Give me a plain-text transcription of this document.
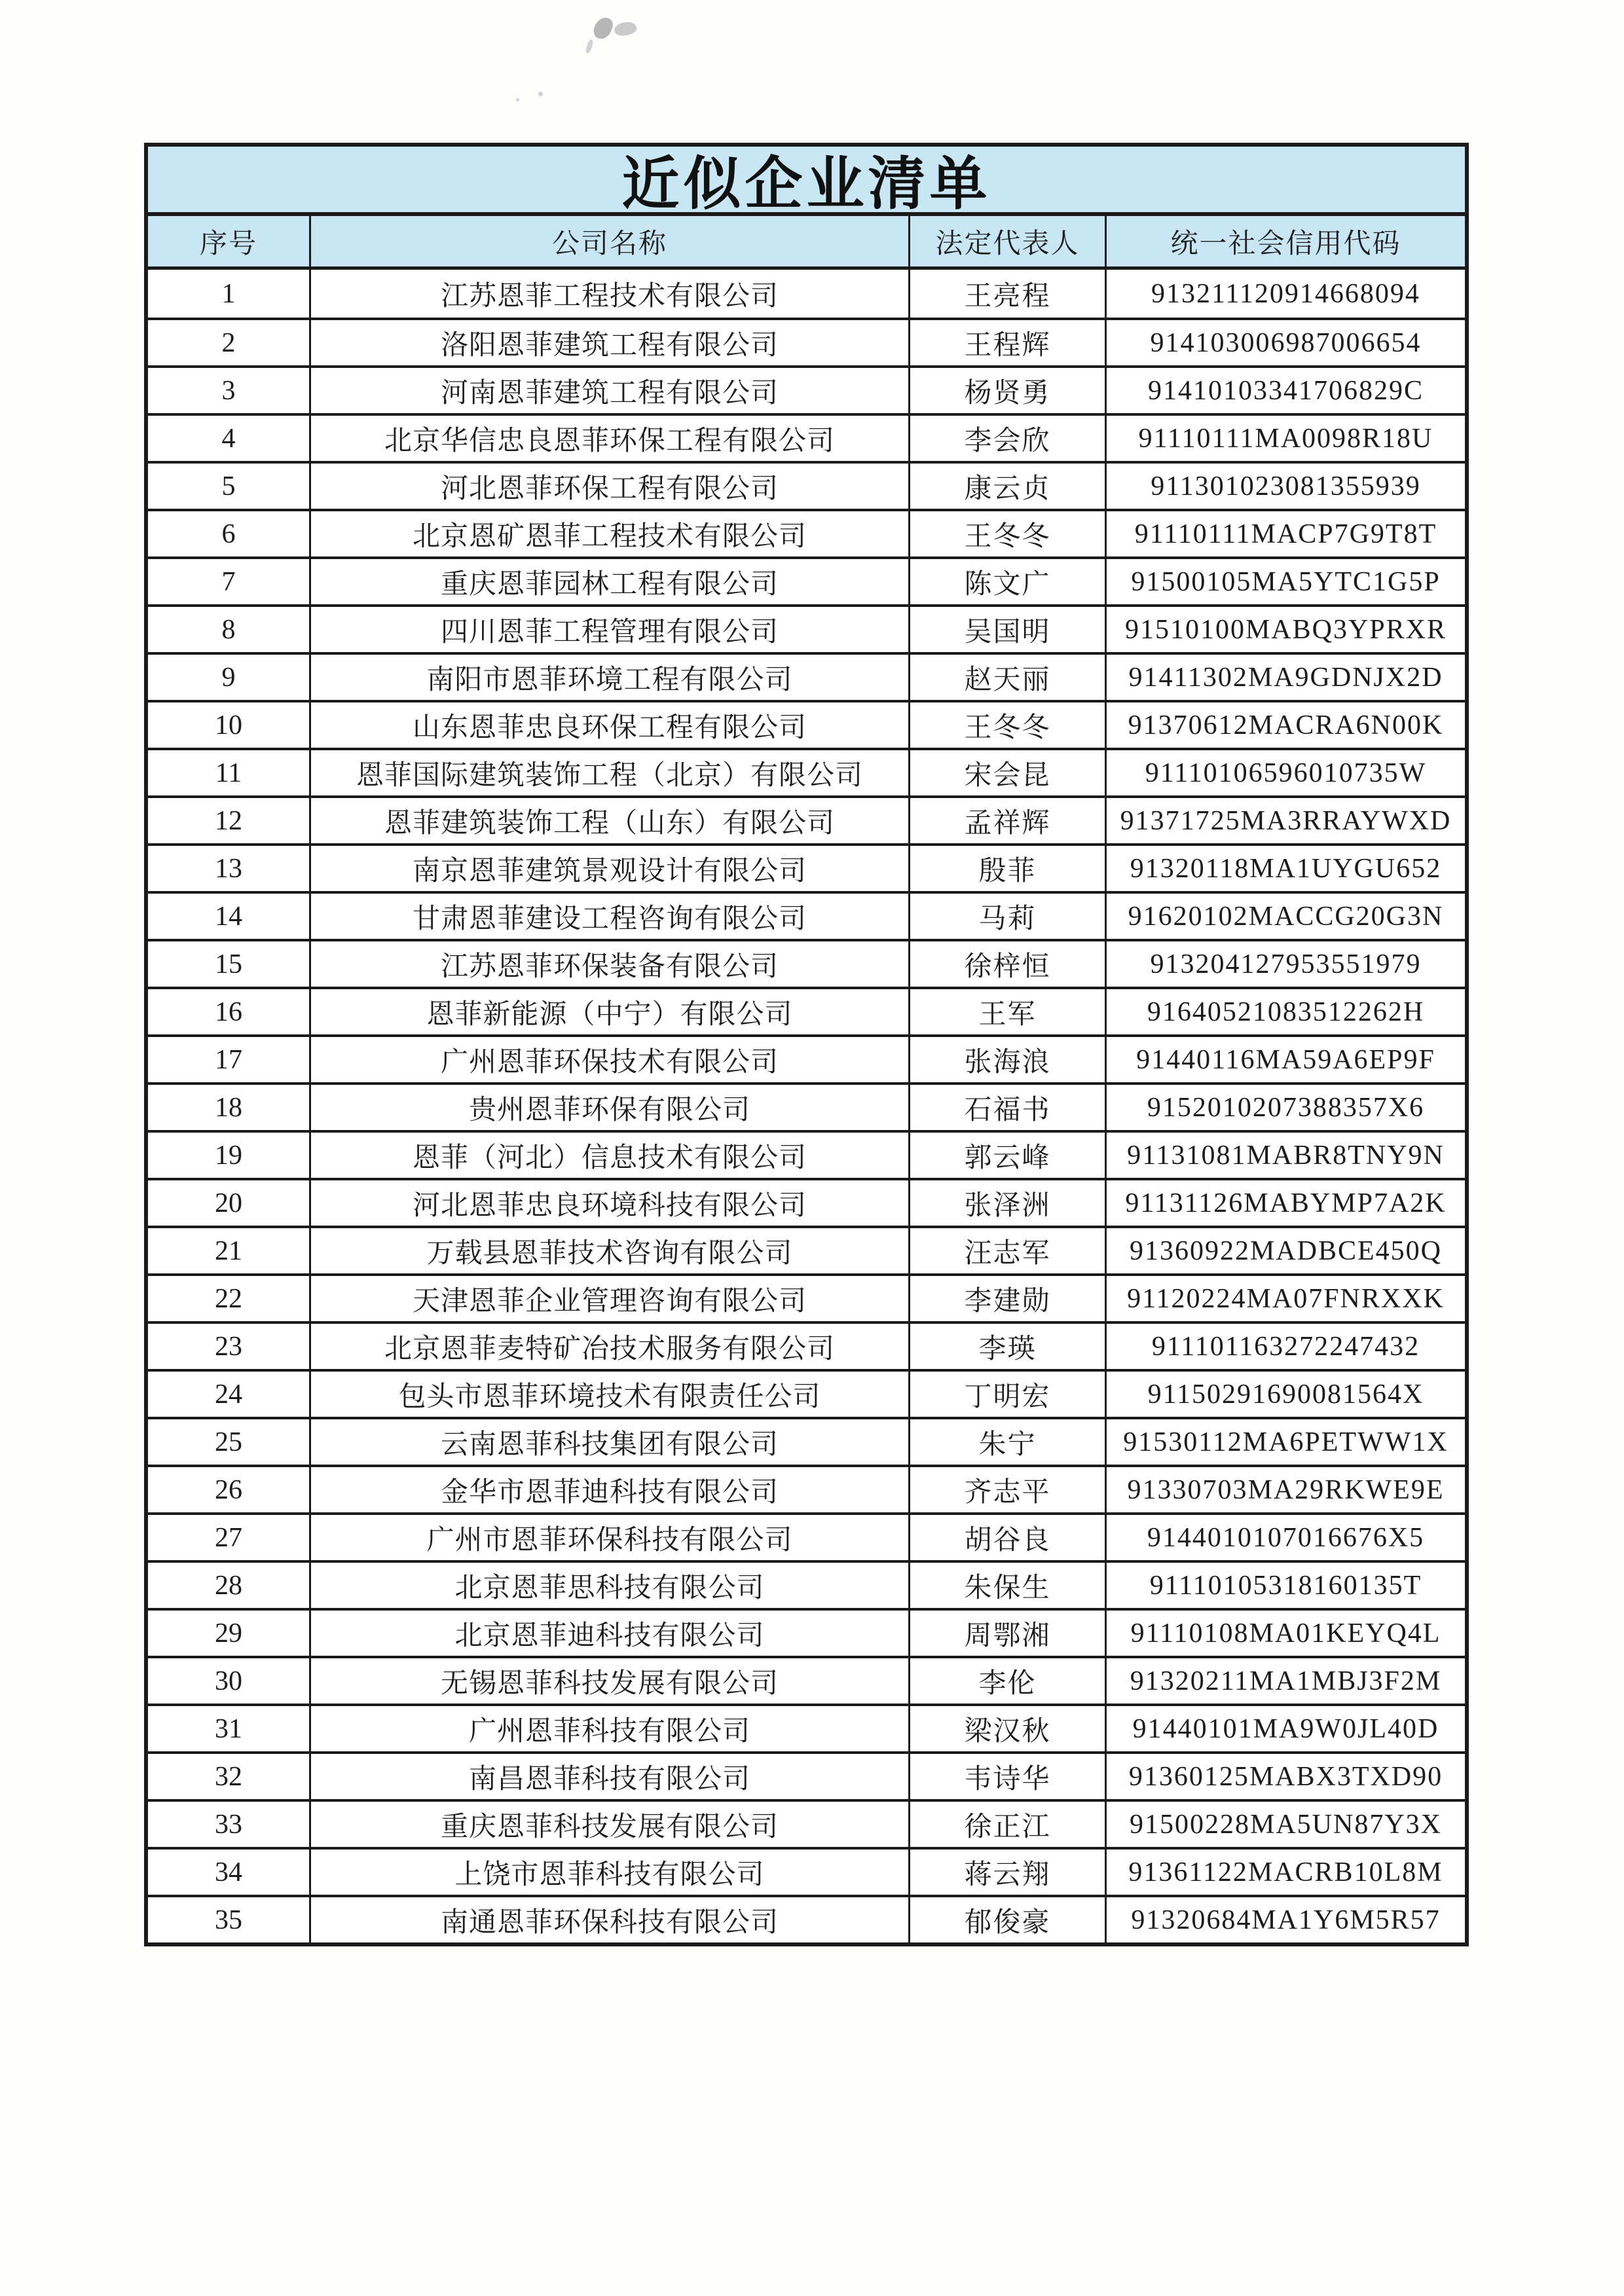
近似企业清单
序号	公司名称	法定代表人	统一社会信用代码
1	江苏恩菲工程技术有限公司	王亮程	913211120914668094
2	洛阳恩菲建筑工程有限公司	王程辉	914103006987006654
3	河南恩菲建筑工程有限公司	杨贤勇	91410103341706829C
4	北京华信忠良恩菲环保工程有限公司	李会欣	91110111MA0098R18U
5	河北恩菲环保工程有限公司	康云贞	911301023081355939
6	北京恩矿恩菲工程技术有限公司	王冬冬	91110111MACP7G9T8T
7	重庆恩菲园林工程有限公司	陈文广	91500105MA5YTC1G5P
8	四川恩菲工程管理有限公司	吴国明	91510100MABQ3YPRXR
9	南阳市恩菲环境工程有限公司	赵天丽	91411302MA9GDNJX2D
10	山东恩菲忠良环保工程有限公司	王冬冬	91370612MACRA6N00K
11	恩菲国际建筑装饰工程（北京）有限公司	宋会昆	91110106596010735W
12	恩菲建筑装饰工程（山东）有限公司	孟祥辉	91371725MA3RRAYWXD
13	南京恩菲建筑景观设计有限公司	殷菲	91320118MA1UYGU652
14	甘肃恩菲建设工程咨询有限公司	马莉	91620102MACCG20G3N
15	江苏恩菲环保装备有限公司	徐梓恒	913204127953551979
16	恩菲新能源（中宁）有限公司	王军	91640521083512262H
17	广州恩菲环保技术有限公司	张海浪	91440116MA59A6EP9F
18	贵州恩菲环保有限公司	石福书	9152010207388357X6
19	恩菲（河北）信息技术有限公司	郭云峰	91131081MABR8TNY9N
20	河北恩菲忠良环境科技有限公司	张泽洲	91131126MABYMP7A2K
21	万载县恩菲技术咨询有限公司	汪志军	91360922MADBCE450Q
22	天津恩菲企业管理咨询有限公司	李建勋	91120224MA07FNRXXK
23	北京恩菲麦特矿冶技术服务有限公司	李瑛	911101163272247432
24	包头市恩菲环境技术有限责任公司	丁明宏	91150291690081564X
25	云南恩菲科技集团有限公司	朱宁	91530112MA6PETWW1X
26	金华市恩菲迪科技有限公司	齐志平	91330703MA29RKWE9E
27	广州市恩菲环保科技有限公司	胡谷良	9144010107016676X5
28	北京恩菲思科技有限公司	朱保生	91110105318160135T
29	北京恩菲迪科技有限公司	周鄂湘	91110108MA01KEYQ4L
30	无锡恩菲科技发展有限公司	李伦	91320211MA1MBJ3F2M
31	广州恩菲科技有限公司	梁汉秋	91440101MA9W0JL40D
32	南昌恩菲科技有限公司	韦诗华	91360125MABX3TXD90
33	重庆恩菲科技发展有限公司	徐正江	91500228MA5UN87Y3X
34	上饶市恩菲科技有限公司	蒋云翔	91361122MACRB10L8M
35	南通恩菲环保科技有限公司	郁俊豪	91320684MA1Y6M5R57
